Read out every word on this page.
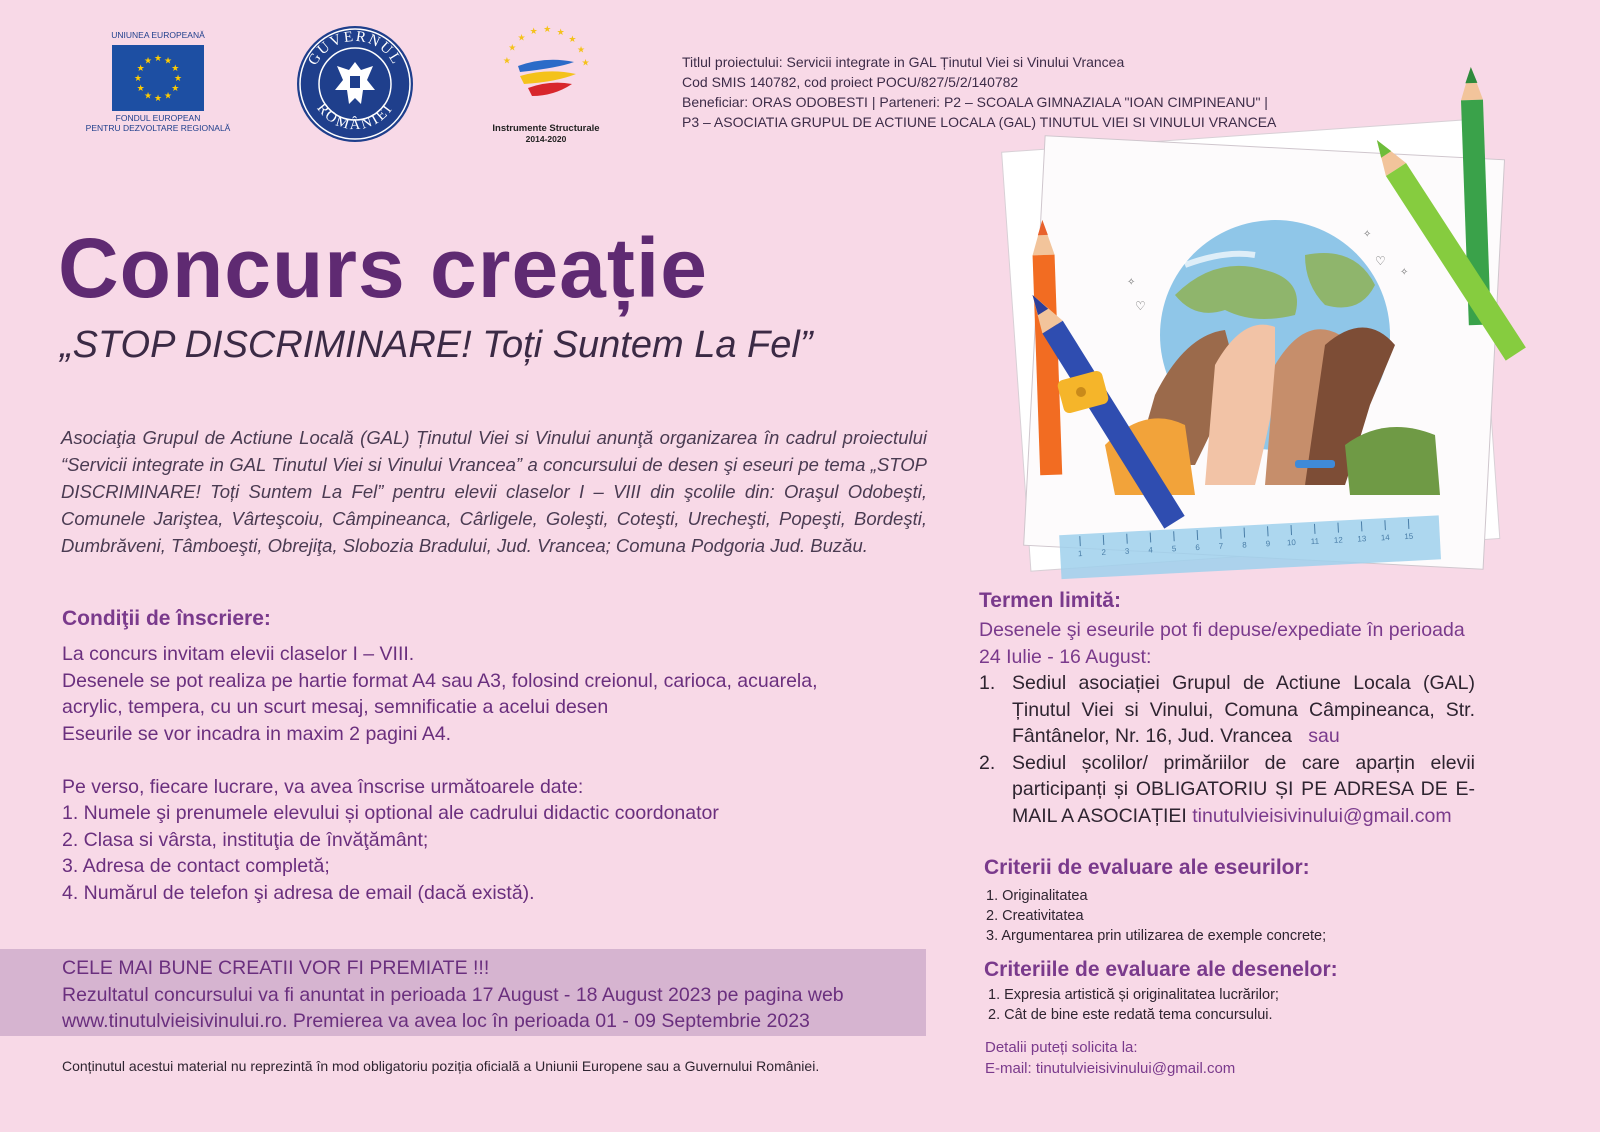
UNIUNEA EUROPEANĂ
★
★
★
★
★
★
★
★
★ ★ ★
★
FONDUL EUROPEAN
PENTRU DEZVOLTARE REGIONALĂ
GUVERNUL
ROMÂNIEI
★
★
★
★
★
★
★
★
★
Instrumente Structurale
2014-2020
Titlul proiectului: Servicii integrate in GAL Ținutul Viei si Vinului Vrancea
Cod SMIS 140782, cod proiect POCU/827/5/2/140782
Beneficiar: ORAS ODOBESTI | Parteneri: P2 – SCOALA GIMNAZIALA "IOAN CIMPINEANU" |
P3 – ASOCIATIA GRUPUL DE ACTIUNE LOCALA (GAL) TINUTUL VIEI SI VINULUI VRANCEA
Concurs creație
„STOP DISCRIMINARE! Toți Suntem La Fel”
Asociaţia Grupul de Actiune Locală (GAL) Ținutul Viei si Vinului anunţă organizarea în cadrul proiectului “Servicii integrate in GAL Tinutul Viei si Vinului Vrancea” a concursului de desen şi eseuri pe tema „STOP DISCRIMINARE! Toți Suntem La Fel” pentru elevii claselor I – VIII din şcolile din: Oraşul Odobeşti, Comunele Jariştea, Vârteşcoiu, Câmpineanca, Cârligele, Goleşti, Coteşti, Urecheşti, Popeşti, Bordeşti, Dumbrăveni, Tâmboeşti, Obrejiţa, Slobozia Bradului, Jud. Vrancea; Comuna Podgoria Jud. Buzău.
Condiţii de înscriere:
La concurs invitam elevii claselor I – VIII.
Desenele se pot realiza pe hartie format A4 sau A3, folosind creionul, carioca, acuarela,
acrylic, tempera, cu un scurt mesaj, semnificatie a acelui desen
Eseurile se vor incadra in maxim 2 pagini A4.
Pe verso, fiecare lucrare, va avea înscrise următoarele date:
1. Numele şi prenumele elevului și optional ale cadrului didactic coordonator
2. Clasa si vârsta, instituţia de învăţământ;
3. Adresa de contact completă;
4. Numărul de telefon şi adresa de email (dacă există).
CELE MAI BUNE CREATII VOR FI PREMIATE !!!
Rezultatul concursului va fi anuntat in perioada 17 August - 18 August 2023 pe pagina web
www.tinutulvieisivinului.ro. Premierea va avea loc în perioada 01 - 09 Septembrie 2023
Conținutul acestui material nu reprezintă în mod obligatoriu poziția oficială a Uniunii Europene sau a Guvernului României.
1 2 3 4 5 6 7 8 9 10 11 12 13 14 15
♡
♡
✧
✧
✧
Termen limită:
Desenele şi eseurile pot fi depuse/expediate în perioada 24 Iulie - 16 August:
1. Sediul asociației Grupul de Actiune Locala (GAL) Ținutul Viei si Vinului, Comuna Câmpineanca, Str. Fântânelor, Nr. 16, Jud. Vrancea sau
2. Sediul școlilor/ primăriilor de care aparțin elevii participanți și OBLIGATORIU ȘI PE ADRESA DE E-MAIL A ASOCIAȚIEI tinutulvieisivinului@gmail.com
Criterii de evaluare ale eseurilor:
1. Originalitatea
2. Creativitatea
3. Argumentarea prin utilizarea de exemple concrete;
Criteriile de evaluare ale desenelor:
1. Expresia artistică și originalitatea lucrărilor;
2. Cât de bine este redată tema concursului.
Detalii puteți solicita la:
E-mail: tinutulvieisivinului@gmail.com
